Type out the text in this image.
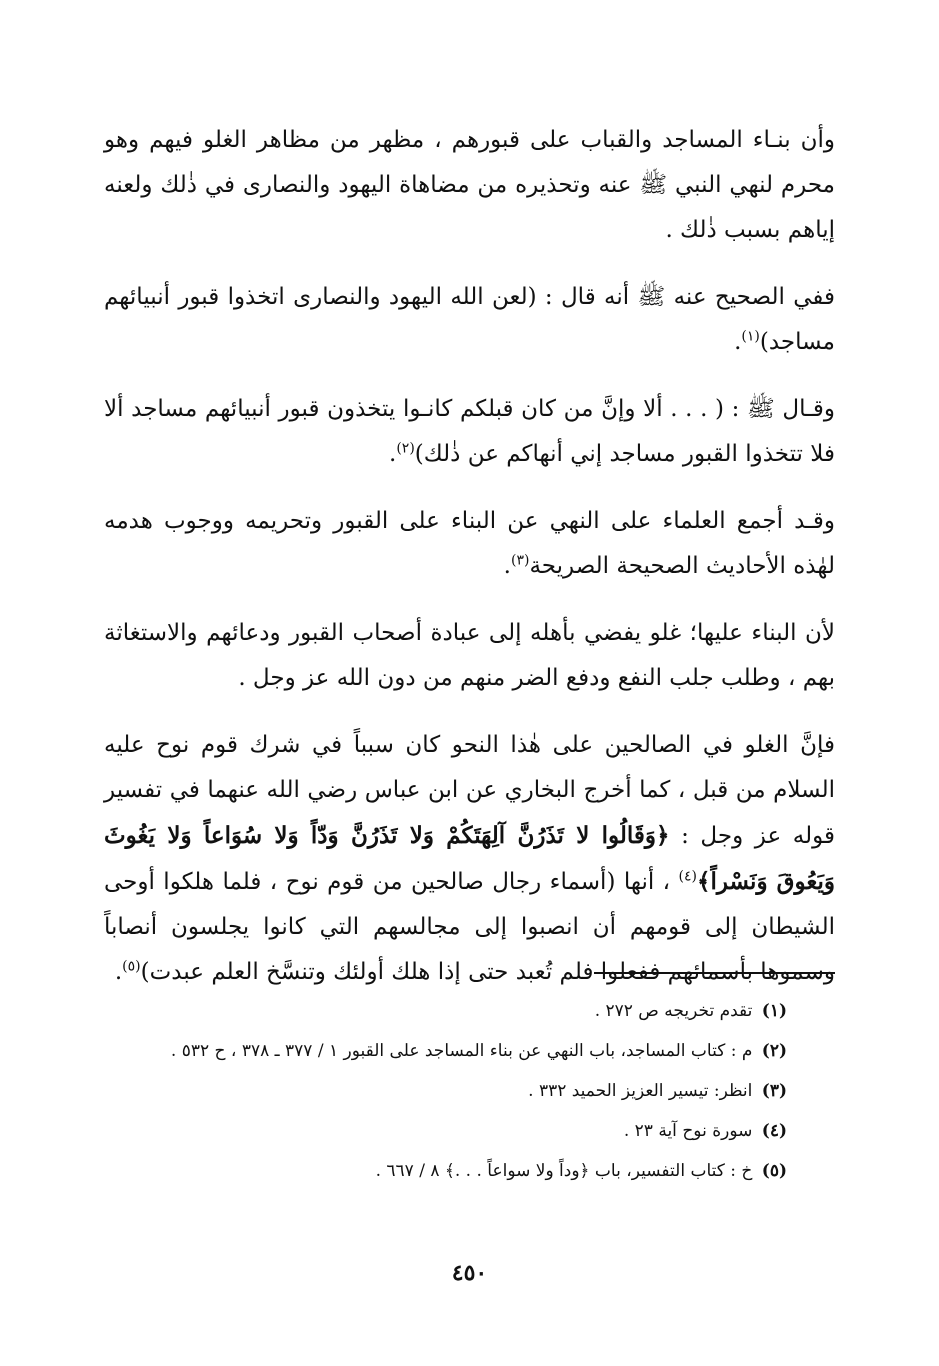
وأن بنـاء المساجد والقباب على قبورهم ، مظهر من مظاهر الغلو فيهم وهو محرم لنهي النبي ﷺ عنه وتحذيره من مضاهاة اليهود والنصارى في ذٰلك ولعنه إياهم بسبب ذٰلك .

ففي الصحيح عنه ﷺ أنه قال : (لعن الله اليهود والنصارى اتخذوا قبور أنبيائهم مساجد)$^{(١)}$.

وقـال ﷺ : ( . . . ألا وإنَّ من كان قبلكم كانـوا يتخذون قبور أنبيائهم مساجد ألا فلا تتخذوا القبور مساجد إني أنهاكم عن ذٰلك)$^{(٢)}$.

وقـد أجمع العلماء على النهي عن البناء على القبور وتحريمه ووجوب هدمه لهٰذه الأحاديث الصحيحة الصريحة$^{(٣)}$.

لأن البناء عليها؛ غلو يفضي بأهله إلى عبادة أصحاب القبور ودعائهم والاستغاثة بهم ، وطلب جلب النفع ودفع الضر منهم من دون الله عز وجل .

فإنَّ الغلو في الصالحين على هٰذا النحو كان سبباً في شرك قوم نوح عليه السلام من قبل ، كما أخرج البخاري عن ابن عباس رضي الله عنهما في تفسير قوله عز وجل : ﴿وَقَالُوا لا تَذَرُنَّ آلِهَتَكُمْ وَلا تَذَرُنَّ وَدّاً وَلا سُوَاعاً وَلا يَغُوثَ وَيَعُوقَ وَنَسْراً﴾$^{(٤)}$ ، أنها (أسماء رجال صالحين من قوم نوح ، فلما هلكوا أوحى الشيطان إلى قومهم أن انصبوا إلى مجالسهم التي كانوا يجلسون أنصاباً وسموها بأسمائهم ففعلوا فلم تُعبد حتى إذا هلك أولئك وتنسَّخ العلم عبدت)$^{(٥)}$.

(١) تقدم تخريجه ص ٢٧٢ .

(٢) م : كتاب المساجد، باب النهي عن بناء المساجد على القبور ١ / ٣٧٧ ـ ٣٧٨ ، ح ٥٣٢ .

(٣) انظر: تيسير العزيز الحميد ٣٣٢ .

(٤) سورة نوح آية ٢٣ .

(٥) خ : كتاب التفسير، باب ﴿وداً ولا سواعاً . . .﴾ ٨ / ٦٦٧ .

٤٥٠
